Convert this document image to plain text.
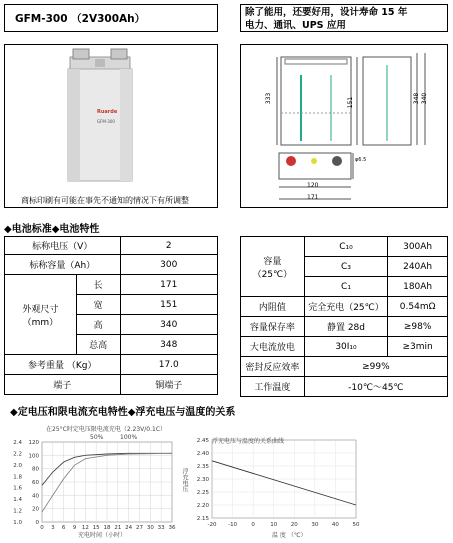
GFM-300 （2V300Ah）	除了能用，还要好用，设计寿命 15 年
电力、通讯、UPS 应用
Ruarde
GFM-300
商标印刷有可能在事先不通知的情况下有所调整
333	348 340
151
120
171
φ6.5
◆电池标准◆电池特性
标称电压（V）		2
标称容量（Ah）		300
外观尺寸
（mm）	长	171
	宽	151
	高	340
	总高	348
参考重量 （Kg）		17.0
端子		铜端子
容量
（25℃）	C₁₀	300Ah
	C₃	240Ah
	C₁	180Ah
内阻值	完全充电（25℃）	0.54mΩ
容量保存率	静置 28d	≥98%
大电流放电	30I₁₀	≥3min
密封反应效率	≥99%	
工作温度	-10℃～45℃	
◆定电压和限电流充电特性◆浮充电压与温度的关系
0 3 6 9 12 15 18 21 24 27 30 33 36
120
100
80
60
40
20
0
2.4
2.2
2.0
1.8
1.6
1.4
1.2
1.0
在25°C时定电压限电流充电（2.23V/0.1C）
50%	100%
充电时间（小时）
-20 -10	0	10 20 30 40 50
2.45
2.40
2.35
2.30
2.25
2.20
2.15
浮充电压与温度的关系曲线
浮充电压
温 度 （℃）
